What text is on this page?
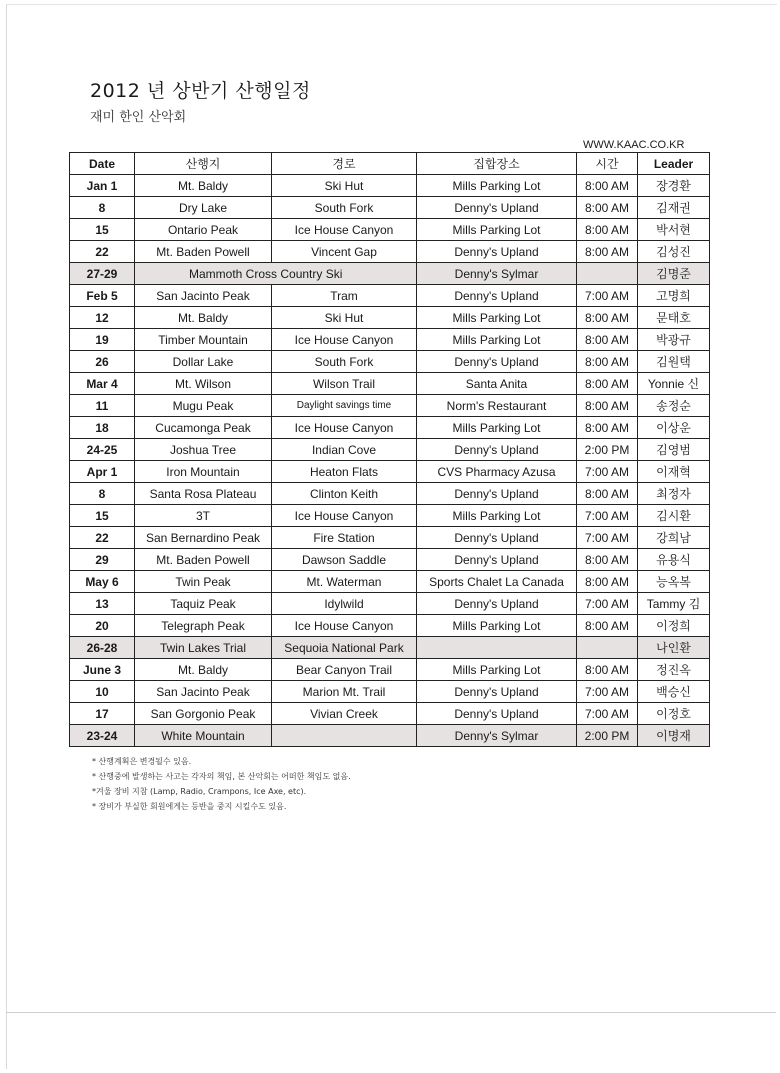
2012 년 상반기 산행일정
재미 한인 산악회
WWW.KAAC.CO.KR
Date	산행지	경로	집합장소	시간	Leader
Jan 1	Mt. Baldy	Ski Hut	Mills Parking Lot	8:00 AM	장경환
8	Dry Lake	South Fork	Denny's Upland	8:00 AM	김재권
15	Ontario Peak	Ice House Canyon	Mills Parking Lot	8:00 AM	박서현
22	Mt. Baden Powell	Vincent Gap	Denny's Upland	8:00 AM	김성진
27-29	Mammoth Cross Country Ski		Denny's Sylmar		김명준
Feb 5	San Jacinto Peak	Tram	Denny's Upland	7:00 AM	고명희
12	Mt. Baldy	Ski Hut	Mills Parking Lot	8:00 AM	문태호
19	Timber Mountain	Ice House Canyon	Mills Parking Lot	8:00 AM	박광규
26	Dollar Lake	South Fork	Denny's Upland	8:00 AM	김원택
Mar 4	Mt. Wilson	Wilson Trail	Santa Anita	8:00 AM	Yonnie 신
11	Mugu Peak	Daylight savings time	Norm's Restaurant	8:00 AM	송정순
18	Cucamonga Peak	Ice House Canyon	Mills Parking Lot	8:00 AM	이상운
24-25	Joshua Tree	Indian Cove	Denny's Upland	2:00 PM	김영범
Apr 1	Iron Mountain	Heaton Flats	CVS Pharmacy Azusa	7:00 AM	이재혁
8	Santa Rosa Plateau	Clinton Keith	Denny's Upland	8:00 AM	최정자
15	3T	Ice House Canyon	Mills Parking Lot	7:00 AM	김시환
22	San Bernardino Peak	Fire Station	Denny's Upland	7:00 AM	강희남
29	Mt. Baden Powell	Dawson Saddle	Denny's Upland	8:00 AM	유용식
May 6	Twin Peak	Mt. Waterman	Sports Chalet La Canada	8:00 AM	능옥복
13	Taquiz Peak	Idylwild	Denny's Upland	7:00 AM	Tammy 김
20	Telegraph Peak	Ice House Canyon	Mills Parking Lot	8:00 AM	이정희
26-28	Twin Lakes Trial	Sequoia National Park			나인환
June 3	Mt. Baldy	Bear Canyon Trail	Mills Parking Lot	8:00 AM	정진옥
10	San Jacinto Peak	Marion Mt. Trail	Denny's Upland	7:00 AM	백승신
17	San Gorgonio Peak	Vivian Creek	Denny's Upland	7:00 AM	이정호
23-24	White Mountain		Denny's Sylmar	2:00 PM	이명재
* 산행계획은 변경될수 있음.
* 산행중에 발생하는 사고는 각자의 책임, 본 산악회는 어떠한 책임도 없음.
*겨울 장비 지참 (Lamp, Radio, Crampons, Ice Axe, etc).
* 장비가 부실한 회원에게는 등반을 중지 시킬수도 있음.
